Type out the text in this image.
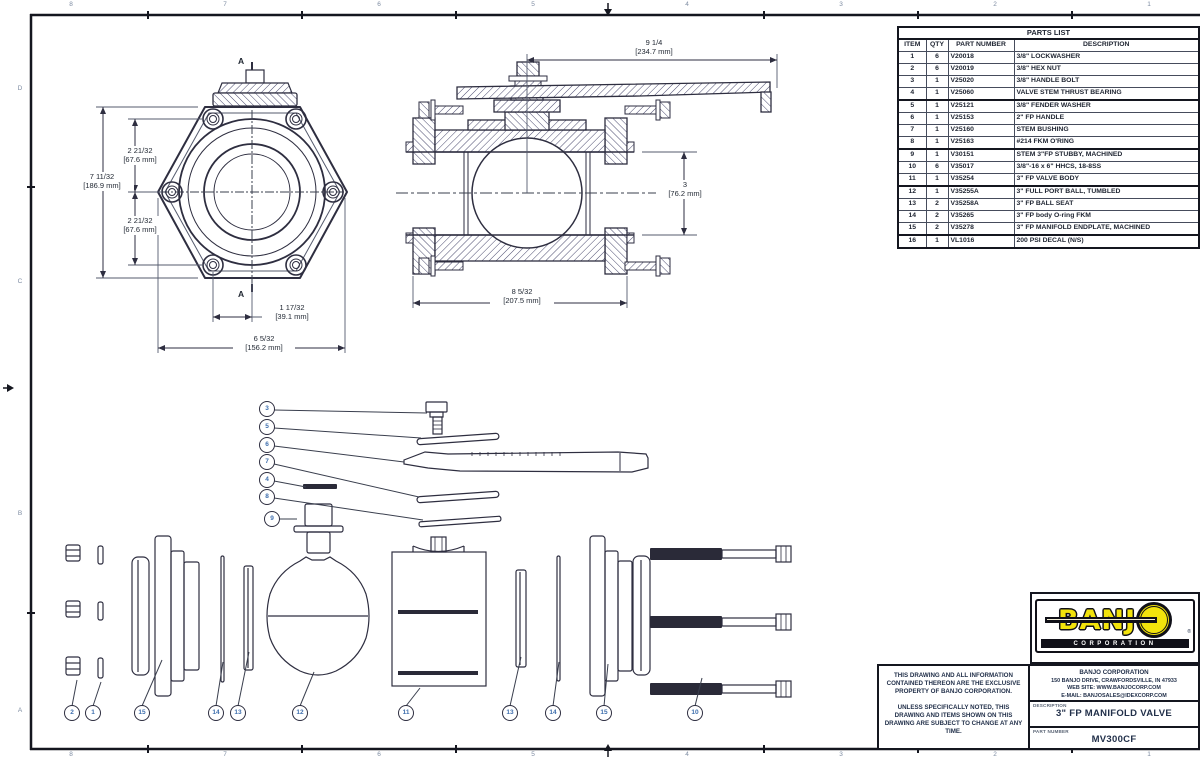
8	7	6	5	4	3	2	1
8	7	6	5	4	3	2	1
D
C
B
A
A
A
7 11/32
[186.9 mm]
2 21/32
[67.6 mm]
2 21/32
[67.6 mm]
1 17/32
[39.1 mm]
6 5/32
[156.2 mm]
9 1/4
[234.7 mm]
3
[76.2 mm]
8 5/32
[207.5 mm]
3
5
6
7
4
8
9
2	1	15	14	13	12	11	13	14	15	10
PARTS LIST			
ITEM	QTY	PART NUMBER	DESCRIPTION
1	6	V20018	3/8" LOCKWASHER
2	6	V20019	3/8" HEX NUT
3	1	V25020	3/8" HANDLE BOLT
4	1	V25060	VALVE STEM THRUST BEARING
5	1	V25121	3/8" FENDER WASHER
6	1	V25153	2" FP HANDLE
7	1	V25160	STEM BUSHING
8	1	V25163	#214 FKM O'RING
9	1	V30151	STEM 3"FP STUBBY, MACHINED
10	6	V35017	3/8"-16 x 6" HHCS, 18-8SS
11	1	V35254	3" FP VALVE BODY
12	1	V35255A	3" FULL PORT BALL, TUMBLED
13	2	V35258A	3" FP BALL SEAT
14	2	V35265	3" FP body O-ring FKM
15	2	V35278	3" FP MANIFOLD ENDPLATE, MACHINED
16	1	VL1016	200 PSI DECAL (N/S)
®
CORPORATION

THIS DRAWING AND ALL INFORMATION CONTAINED THEREON ARE THE EXCLUSIVE PROPERTY OF BANJO CORPORATION.

UNLESS SPECIFICALLY NOTED, THIS DRAWING AND ITEMS SHOWN ON THIS DRAWING ARE SUBJECT TO CHANGE AT ANY TIME.

BANJO CORPORATION
150 BANJO DRIVE, CRAWFORDSVILLE, IN 47933
WEB SITE: WWW.BANJOCORP.COM
E-MAIL: BANJOSALES@IDEXCORP.COM
DESCRIPTION
3" FP MANIFOLD VALVE
PART NUMBER
MV300CF
